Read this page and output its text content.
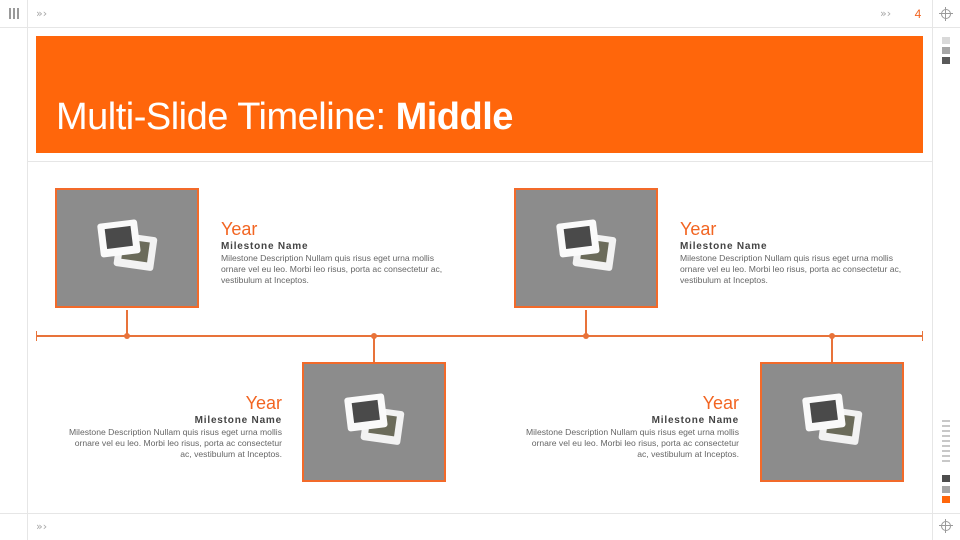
»›	»›	4
»›
Multi-Slide Timeline: Middle
Year
Milestone Name
Milestone Description Nullam quis risus eget urna mollis ornare vel eu leo. Morbi leo risus, porta ac consectetur ac, vestibulum at Inceptos.
Year
Milestone Name
Milestone Description Nullam quis risus eget urna mollis ornare vel eu leo. Morbi leo risus, porta ac consectetur ac, vestibulum at Inceptos.
Year
Milestone Name
Milestone Description Nullam quis risus eget urna mollis ornare vel eu leo. Morbi leo risus, porta ac consectetur ac, vestibulum at Inceptos.
Year
Milestone Name
Milestone Description Nullam quis risus eget urna mollis ornare vel eu leo. Morbi leo risus, porta ac consectetur ac, vestibulum at Inceptos.
